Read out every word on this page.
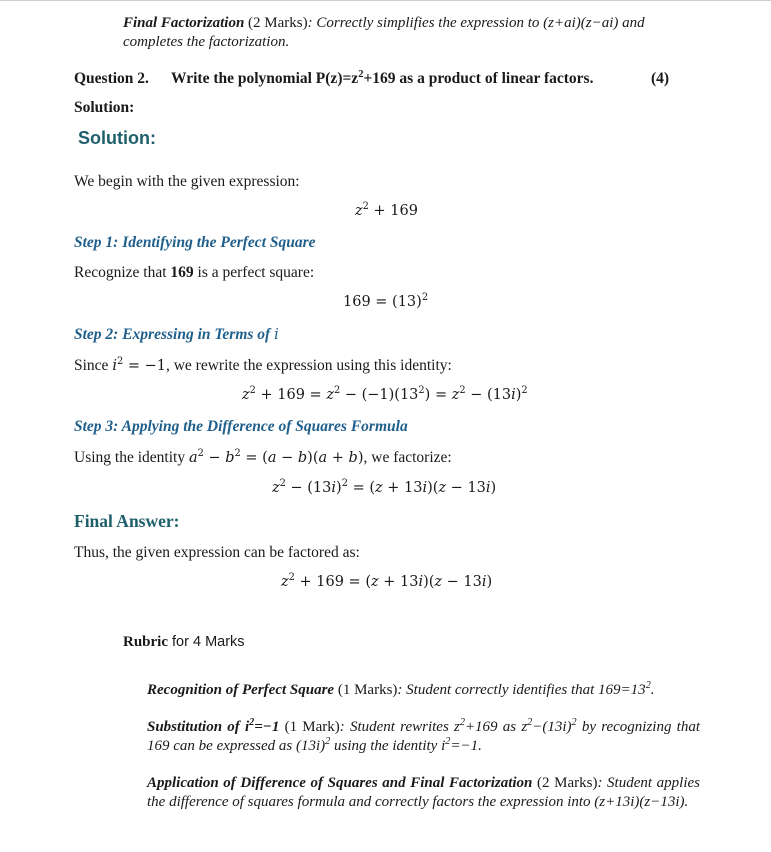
Final Factorization (2 Marks): Correctly simplifies the expression to (z+ai)(z−ai) and
completes the factorization.
Question 2. Write the polynomial $P(z)=z^2+169$ as a product of linear factors.	(4)
Solution:
Solution:
We begin with the given expression:
$z^2 + 169$
Step 1: Identifying the Perfect Square
Recognize that 169 is a perfect square:
$169 = (13)^2$
Step 2: Expressing in Terms of i
Since $i^2 = -1$, we rewrite the expression using this identity:
$z^2 + 169 = z^2 - (-1)(13^2) = z^2 - (13i)^2$
Step 3: Applying the Difference of Squares Formula
Using the identity $a^2 - b^2 = (a - b)(a + b)$, we factorize:
$z^2 - (13i)^2 = (z + 13i)(z - 13i)$
Final Answer:
Thus, the given expression can be factored as:
$z^2 + 169 = (z + 13i)(z - 13i)$
Rubric for 4 Marks

Recognition of Perfect Square (1 Marks): Student correctly identifies that $169=13^2$.

Substitution of $i^2=-1$ (1 Mark): Student rewrites $z^2+169$ as $z^2-(13i)^2$ by recognizing that 169 can be expressed as $(13i)^2$ using the identity $i^2=-1$.

Application of Difference of Squares and Final Factorization (2 Marks): Student applies the difference of squares formula and correctly factors the expression into (z+13i)(z−13i).
